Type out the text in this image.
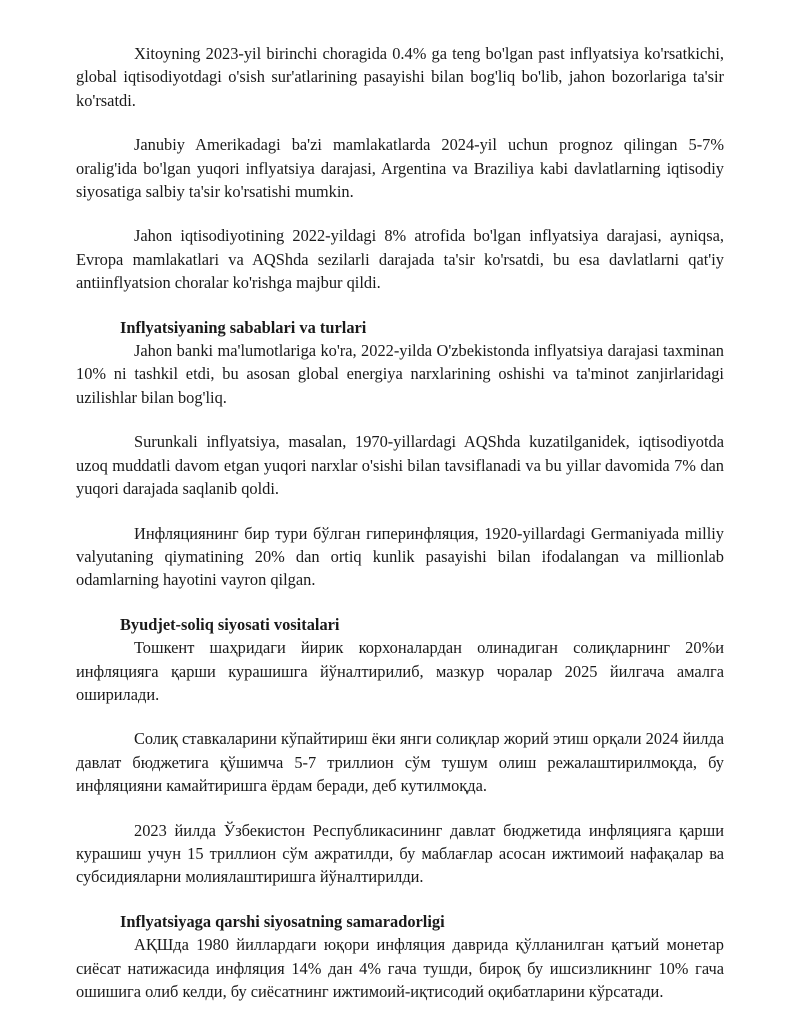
Xitoyning 2023-yil birinchi choragida 0.4% ga teng bo'lgan past inflyatsiya ko'rsatkichi, global iqtisodiyotdagi o'sish sur'atlarining pasayishi bilan bog'liq bo'lib, jahon bozorlariga ta'sir ko'rsatdi.

Janubiy Amerikadagi ba'zi mamlakatlarda 2024-yil uchun prognoz qilingan 5-7% oralig'ida bo'lgan yuqori inflyatsiya darajasi, Argentina va Braziliya kabi davlatlarning iqtisodiy siyosatiga salbiy ta'sir ko'rsatishi mumkin.

Jahon iqtisodiyotining 2022-yildagi 8% atrofida bo'lgan inflyatsiya darajasi, ayniqsa, Evropa mamlakatlari va AQShda sezilarli darajada ta'sir ko'rsatdi, bu esa davlatlarni qat'iy antiinflyatsion choralar ko'rishga majbur qildi.

Inflyatsiyaning sabablari va turlari

Jahon banki ma'lumotlariga ko'ra, 2022-yilda O'zbekistonda inflyatsiya darajasi taxminan 10% ni tashkil etdi, bu asosan global energiya narxlarining oshishi va ta'minot zanjirlaridagi uzilishlar bilan bog'liq.

Surunkali inflyatsiya, masalan, 1970-yillardagi AQShda kuzatilganidek, iqtisodiyotda uzoq muddatli davom etgan yuqori narxlar o'sishi bilan tavsiflanadi va bu yillar davomida 7% dan yuqori darajada saqlanib qoldi.

Инфляциянинг бир тури бўлган гиперинфляция, 1920-yillardagi Germaniyada milliy valyutaning qiymatining 20% dan ortiq kunlik pasayishi bilan ifodalangan va millionlab odamlarning hayotini vayron qilgan.

Byudjet-soliq siyosati vositalari

Тошкент шаҳридаги йирик корхоналардан олинадиган солиқларнинг 20%и инфляцияга қарши курашишга йўналтирилиб, мазкур чоралар 2025 йилгача амалга оширилади.

Солиқ ставкаларини кўпайтириш ёки янги солиқлар жорий этиш орқали 2024 йилда давлат бюджетига қўшимча 5-7 триллион сўм тушум олиш режалаштирилмоқда, бу инфляцияни камайтиришга ёрдам беради, деб кутилмоқда.

2023 йилда Ўзбекистон Республикасининг давлат бюджетида инфляцияга қарши курашиш учун 15 триллион сўм ажратилди, бу маблағлар асосан ижтимоий нафақалар ва субсидияларни молиялаштиришга йўналтирилди.

Inflyatsiyaga qarshi siyosatning samaradorligi

АҚШда 1980 йиллардаги юқори инфляция даврида қўлланилган қатъий монетар сиёсат натижасида инфляция 14% дан 4% гача тушди, бироқ бу ишсизликнинг 10% гача ошишига олиб келди, бу сиёсатнинг ижтимоий-иқтисодий оқибатларини кўрсатади.
